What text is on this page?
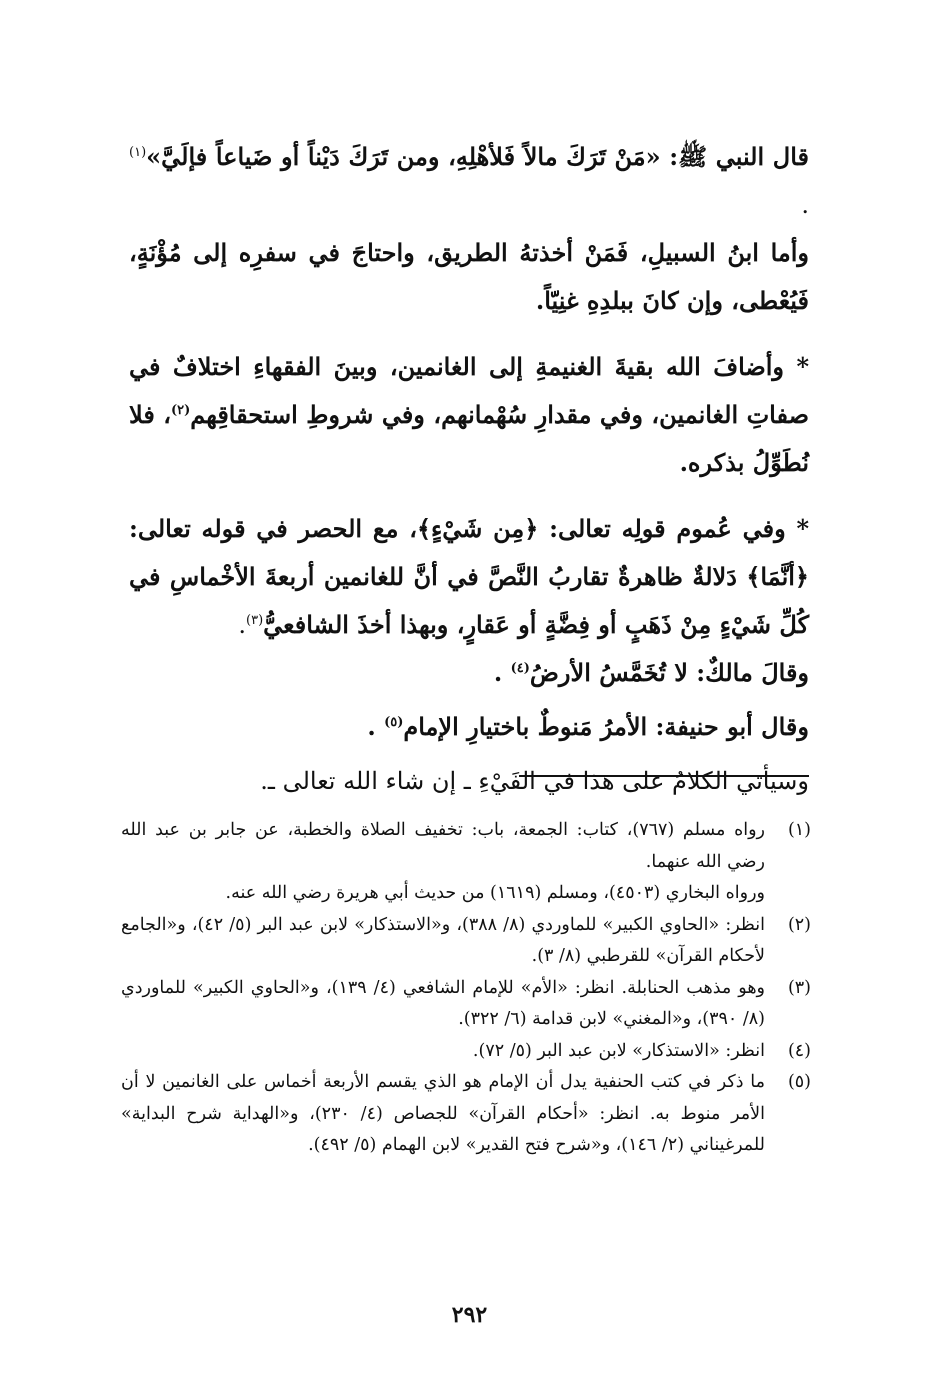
قال النبي ﷺ: «مَنْ تَرَكَ مالاً فَلأهْلِهِ، ومن تَرَكَ دَيْناً أو ضَياعاً فإلَيَّ»$^{(١)}$ .

وأما ابنُ السبيلِ، فَمَنْ أخذتهُ الطريق، واحتاجَ في سفرِه إلى مُؤْنَةٍ، فَيُعْطى، وإن كانَ ببلدِهِ غنِيّاً.

* وأضافَ الله بقيةَ الغنيمةِ إلى الغانمين، وبينَ الفقهاءِ اختلافٌ في صفاتِ الغانمين، وفي مقدارِ سُهْمانهم، وفي شروطِ استحقاقِهم$^{(٢)}$، فلا نُطَوِّلُ بذكره.

* وفي عُموم قولِه تعالى: ﴿مِن شَيْءٍ﴾، مع الحصر في قوله تعالى: ﴿أنَّمَا﴾ دَلالةٌ ظاهرةٌ تقاربُ النَّصَّ في أنَّ للغانمين أربعةَ الأخْماسِ في كُلِّ شَيْءٍ مِنْ ذَهَبٍ أو فِضَّةٍ أو عَقارٍ، وبهذا أخذَ الشافعيُّ$^{(٣)}$.

وقالَ مالكٌ: لا تُخَمَّسُ الأرضُ$^{(٤)}$ .

وقال أبو حنيفة: الأمرُ مَنوطٌ باختيارِ الإمام$^{(٥)}$ .

وسيأتي الكلامُ على هذا في الفَيْءِ ـ إن شاء الله تعالى ـ.

(١)
رواه مسلم (٧٦٧)، كتاب: الجمعة، باب: تخفيف الصلاة والخطبة، عن جابر بن عبد الله رضي الله عنهما.
ورواه البخاري (٤٥٠٣)، ومسلم (١٦١٩) من حديث أبي هريرة رضي الله عنه.
(٢)
انظر: «الحاوي الكبير» للماوردي (٨/ ٣٨٨)، و«الاستذكار» لابن عبد البر (٥/ ٤٢)، و«الجامع لأحكام القرآن» للقرطبي (٨/ ٣).
(٣)
وهو مذهب الحنابلة. انظر: «الأم» للإمام الشافعي (٤/ ١٣٩)، و«الحاوي الكبير» للماوردي (٨/ ٣٩٠)، و«المغني» لابن قدامة (٦/ ٣٢٢).
(٤)
انظر: «الاستذكار» لابن عبد البر (٥/ ٧٢).
(٥)
ما ذكر في كتب الحنفية يدل أن الإمام هو الذي يقسم الأربعة أخماس على الغانمين لا أن الأمر منوط به. انظر: «أحكام القرآن» للجصاص (٤/ ٢٣٠)، و«الهداية شرح البداية» للمرغيناني (٢/ ١٤٦)، و«شرح فتح القدير» لابن الهمام (٥/ ٤٩٢).
٢٩٢
